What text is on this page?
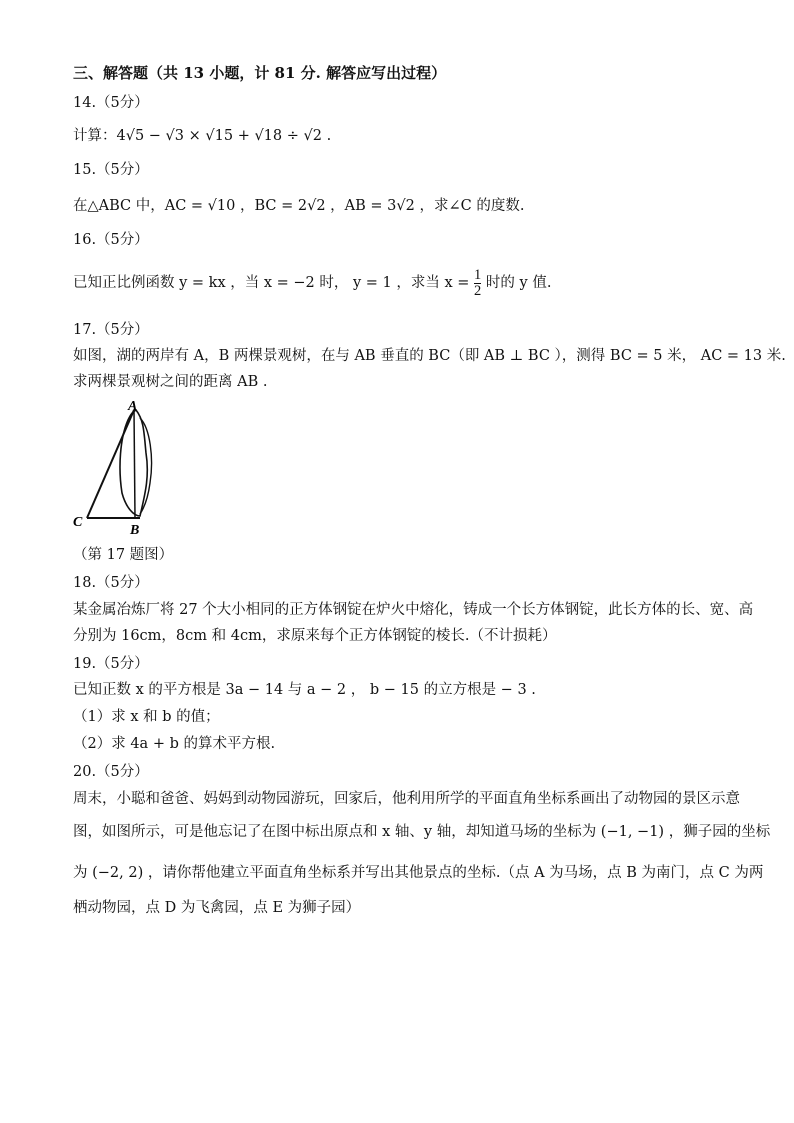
三、解答题（共 13 小题，计 81 分. 解答应写出过程）
14.（5分）
计算：4√5 − √3 × √15 + √18 ÷ √2 .
15.（5分）
在△ABC 中，AC = √10 ，BC = 2√2 ，AB = 3√2 ，求∠C 的度数.
16.（5分）
已知正比例函数 y = kx ，当 x = −2 时， y = 1 ，求当 $x = \frac{1}{2}$ 时的 y 值.
17.（5分）
如图，湖的两岸有 A，B 两棵景观树，在与 AB 垂直的 BC（即 AB ⊥ BC ），测得 BC = 5 米， AC = 13 米.
求两棵景观树之间的距离 AB .
A
C
B
（第 17 题图）
18.（5分）
某金属冶炼厂将 27 个大小相同的正方体钢锭在炉火中熔化，铸成一个长方体钢锭，此长方体的长、宽、高
分别为 16cm，8cm 和 4cm，求原来每个正方体钢锭的棱长.（不计损耗）
19.（5分）
已知正数 x 的平方根是 3a − 14 与 a − 2 ， b − 15 的立方根是 − 3 .
（1）求 x 和 b 的值；
（2）求 4a + b 的算术平方根.
20.（5分）
周末，小聪和爸爸、妈妈到动物园游玩，回家后，他利用所学的平面直角坐标系画出了动物园的景区示意
图，如图所示，可是他忘记了在图中标出原点和 x 轴、y 轴，却知道马场的坐标为 (−1, −1) ，狮子园的坐标
为 (−2, 2) ，请你帮他建立平面直角坐标系并写出其他景点的坐标.（点 A 为马场，点 B 为南门，点 C 为两
栖动物园，点 D 为飞禽园，点 E 为狮子园）
